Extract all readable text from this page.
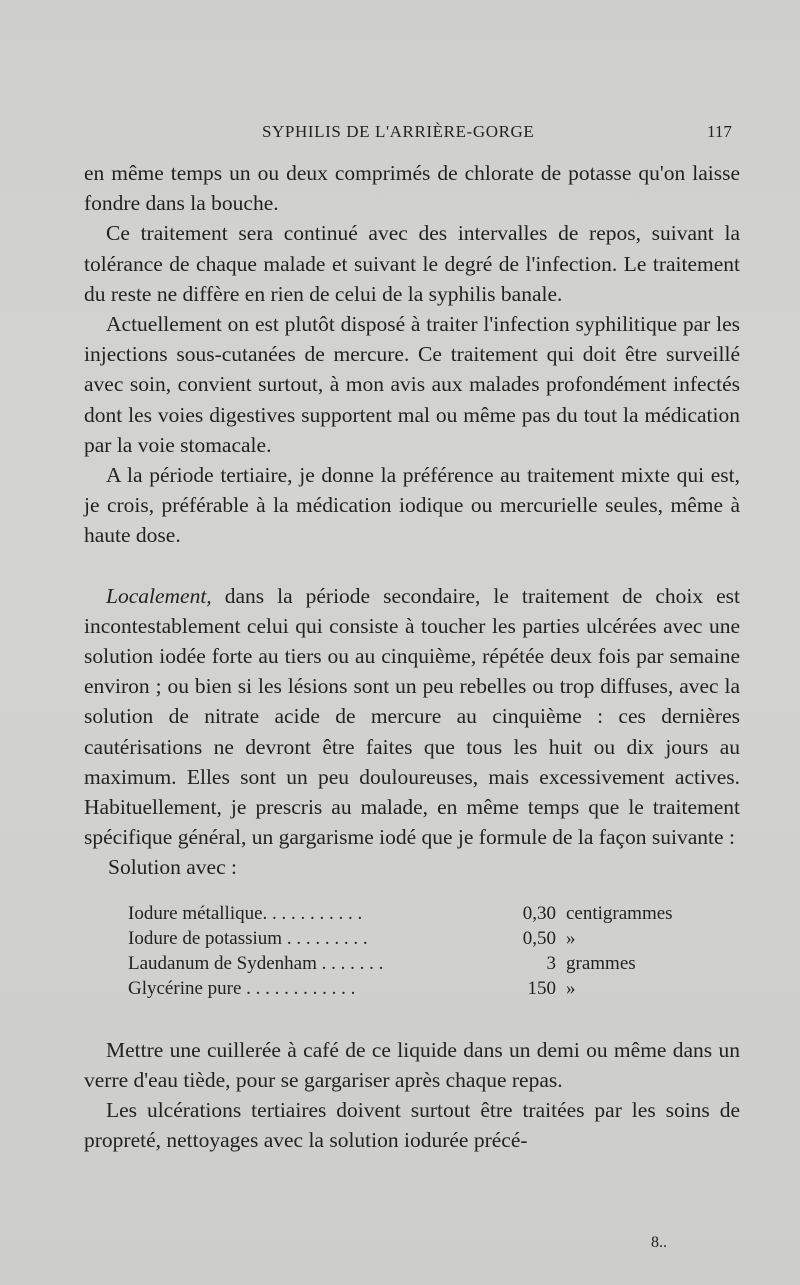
SYPHILIS DE L'ARRIÈRE-GORGE	117

en même temps un ou deux comprimés de chlorate de potasse qu'on laisse fondre dans la bouche.

Ce traitement sera continué avec des intervalles de repos, suivant la tolérance de chaque malade et suivant le degré de l'infection. Le traitement du reste ne diffère en rien de celui de la syphilis banale.

Actuellement on est plutôt disposé à traiter l'infection syphilitique par les injections sous-cutanées de mercure. Ce traitement qui doit être surveillé avec soin, convient surtout, à mon avis aux malades profondément infectés dont les voies digestives supportent mal ou même pas du tout la médication par la voie stomacale.

A la période tertiaire, je donne la préférence au traitement mixte qui est, je crois, préférable à la médication iodique ou mercurielle seules, même à haute dose.

Localement, dans la période secondaire, le traitement de choix est incontestablement celui qui consiste à toucher les parties ulcérées avec une solution iodée forte au tiers ou au cinquième, répétée deux fois par semaine environ ; ou bien si les lésions sont un peu rebelles ou trop diffuses, avec la solution de nitrate acide de mercure au cinquième : ces dernières cautérisations ne devront être faites que tous les huit ou dix jours au maximum. Elles sont un peu douloureuses, mais excessivement actives. Habituellement, je prescris au malade, en même temps que le traitement spécifique général, un gargarisme iodé que je formule de la façon suivante :

Solution avec :

Iodure métallique. . . . . . . . . . .	0,30	centigrammes
Iodure de potassium . . . . . . . . .	0,50	»
Laudanum de Sydenham . . . . . . .	3	grammes
Glycérine pure . . . . . . . . . . . .	150	»

Mettre une cuillerée à café de ce liquide dans un demi ou même dans un verre d'eau tiède, pour se gargariser après chaque repas.

Les ulcérations tertiaires doivent surtout être traitées par les soins de propreté, nettoyages avec la solution iodurée précé-

8..
